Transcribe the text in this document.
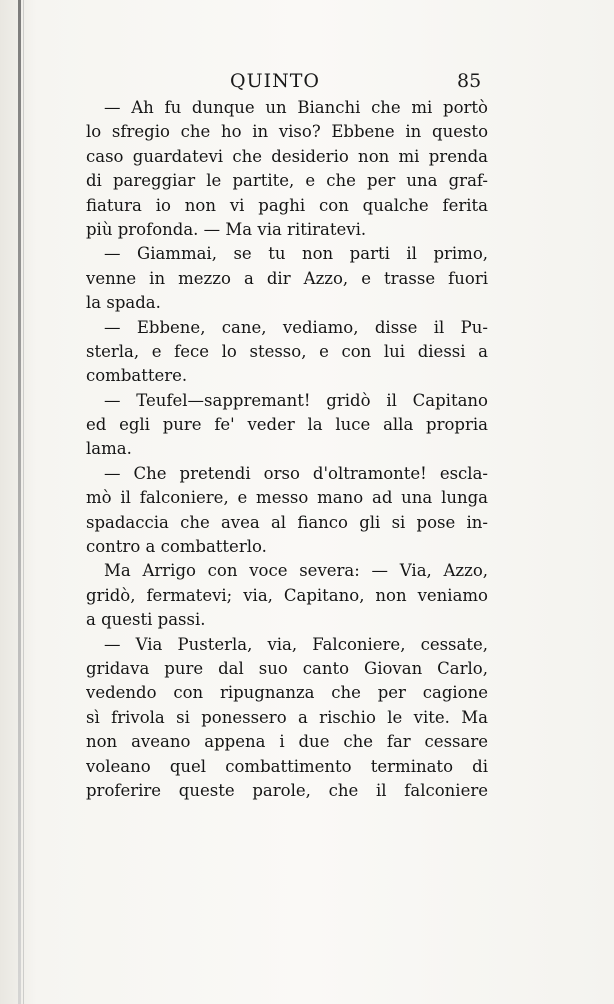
QUINTO	85
— Ah fu dunque un Bianchi che mi portò
lo sfregio che ho in viso? Ebbene in questo
caso guardatevi che desiderio non mi prenda
di pareggiar le partite, e che per una graf-
fiatura io non vi paghi con qualche ferita
più profonda. — Ma via ritiratevi.
— Giammai, se tu non parti il primo,
venne in mezzo a dir Azzo, e trasse fuori
la spada.
— Ebbene, cane, vediamo, disse il Pu-
sterla, e fece lo stesso, e con lui diessi a
combattere.
— Teufel—sappremant! gridò il Capitano
ed egli pure fe' veder la luce alla propria
lama.
— Che pretendi orso d'oltramonte! escla-
mò il falconiere, e messo mano ad una lunga
spadaccia che avea al fianco gli si pose in-
contro a combatterlo.
Ma Arrigo con voce severa: — Via, Azzo,
gridò, fermatevi; via, Capitano, non veniamo
a questi passi.
— Via Pusterla, via, Falconiere, cessate,
gridava pure dal suo canto Giovan Carlo,
vedendo con ripugnanza che per cagione
sì frivola si ponessero a rischio le vite. Ma
non aveano appena i due che far cessare
voleano quel combattimento terminato di
proferire queste parole, che il falconiere
